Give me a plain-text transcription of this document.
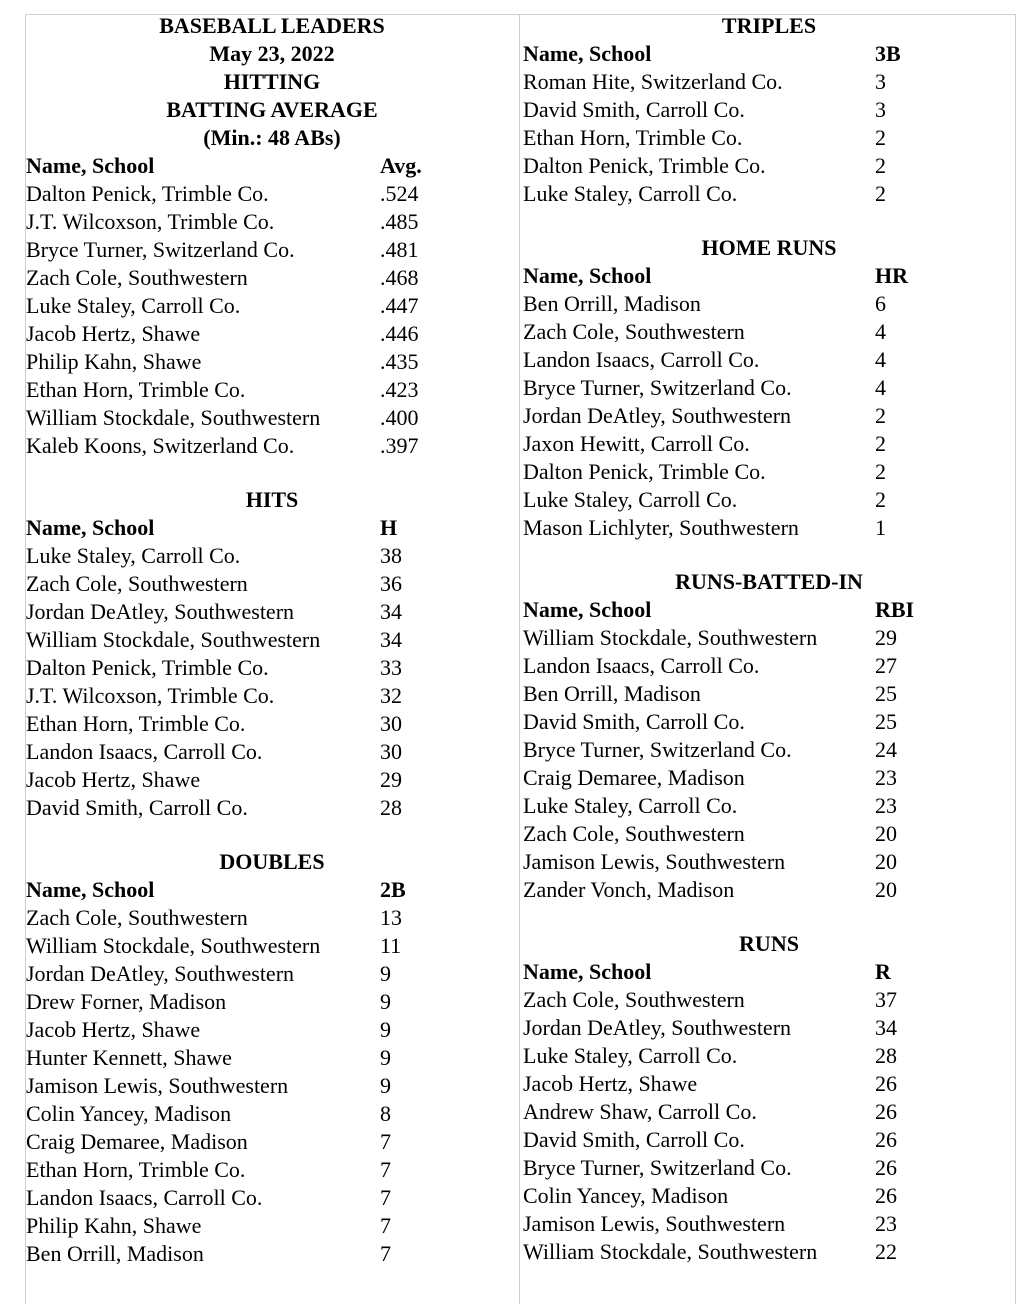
BASEBALL LEADERS
May 23, 2022
HITTING
BATTING AVERAGE
(Min.: 48 ABs)
Name, School	Avg.
Dalton Penick, Trimble Co.	.524
J.T. Wilcoxson, Trimble Co.	.485
Bryce Turner, Switzerland Co.	.481
Zach Cole, Southwestern	.468
Luke Staley, Carroll Co.	.447
Jacob Hertz, Shawe	.446
Philip Kahn, Shawe	.435
Ethan Horn, Trimble Co.	.423
William Stockdale, Southwestern	.400
Kaleb Koons, Switzerland Co.	.397
HITS
Name, School	H
Luke Staley, Carroll Co.	38
Zach Cole, Southwestern	36
Jordan DeAtley, Southwestern	34
William Stockdale, Southwestern	34
Dalton Penick, Trimble Co.	33
J.T. Wilcoxson, Trimble Co.	32
Ethan Horn, Trimble Co.	30
Landon Isaacs, Carroll Co.	30
Jacob Hertz, Shawe	29
David Smith, Carroll Co.	28
DOUBLES
Name, School	2B
Zach Cole, Southwestern	13
William Stockdale, Southwestern	11
Jordan DeAtley, Southwestern	9
Drew Forner, Madison	9
Jacob Hertz, Shawe	9
Hunter Kennett, Shawe	9
Jamison Lewis, Southwestern	9
Colin Yancey, Madison	8
Craig Demaree, Madison	7
Ethan Horn, Trimble Co.	7
Landon Isaacs, Carroll Co.	7
Philip Kahn, Shawe	7
Ben Orrill, Madison	7
TRIPLES
Name, School	3B
Roman Hite, Switzerland Co.	3
David Smith, Carroll Co.	3
Ethan Horn, Trimble Co.	2
Dalton Penick, Trimble Co.	2
Luke Staley, Carroll Co.	2
HOME RUNS
Name, School	HR
Ben Orrill, Madison	6
Zach Cole, Southwestern	4
Landon Isaacs, Carroll Co.	4
Bryce Turner, Switzerland Co.	4
Jordan DeAtley, Southwestern	2
Jaxon Hewitt, Carroll Co.	2
Dalton Penick, Trimble Co.	2
Luke Staley, Carroll Co.	2
Mason Lichlyter, Southwestern	1
RUNS-BATTED-IN
Name, School	RBI
William Stockdale, Southwestern	29
Landon Isaacs, Carroll Co.	27
Ben Orrill, Madison	25
David Smith, Carroll Co.	25
Bryce Turner, Switzerland Co.	24
Craig Demaree, Madison	23
Luke Staley, Carroll Co.	23
Zach Cole, Southwestern	20
Jamison Lewis, Southwestern	20
Zander Vonch, Madison	20
RUNS
Name, School	R
Zach Cole, Southwestern	37
Jordan DeAtley, Southwestern	34
Luke Staley, Carroll Co.	28
Jacob Hertz, Shawe	26
Andrew Shaw, Carroll Co.	26
David Smith, Carroll Co.	26
Bryce Turner, Switzerland Co.	26
Colin Yancey, Madison	26
Jamison Lewis, Southwestern	23
William Stockdale, Southwestern	22
